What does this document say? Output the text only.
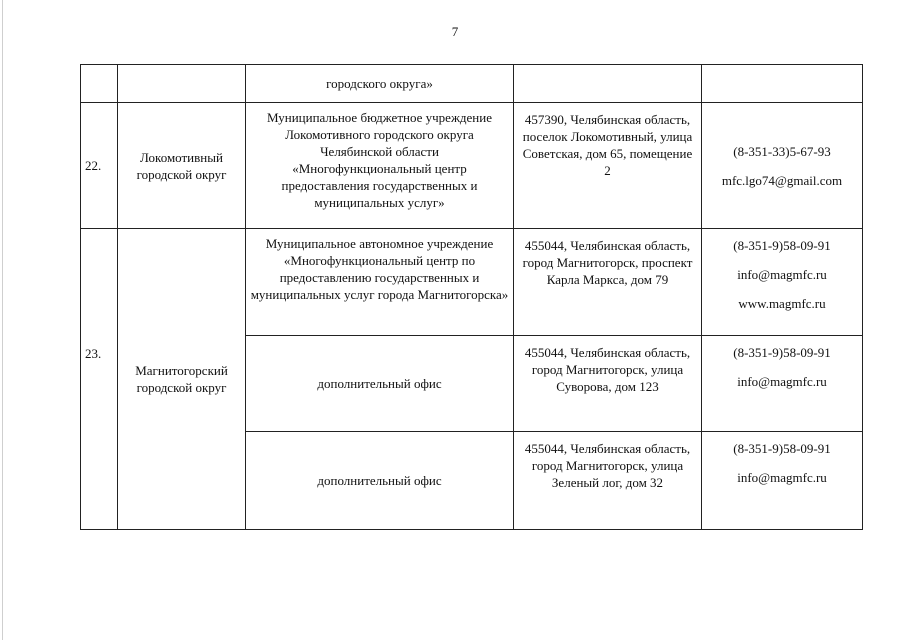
7
		городского округа»		
22.	Локомотивный городской округ	Муниципальное бюджетное учреждение Локомотивного городского округа Челябинской области «Многофункциональный центр предоставления государственных и муниципальных услуг»	457390, Челябинская область, поселок Локомотивный, улица Советская, дом 65, помещение 2	(8-351-33)5-67-93
mfc.lgo74@gmail.com

23.	Магнитогорский городской округ	Муниципальное автономное учреждение «Многофункциональный центр по предоставлению государственных и муниципальных услуг города Магнитогорска»	455044, Челябинская область, город Магнитогорск, проспект Карла Маркса, дом 79	(8-351-9)58-09-91
info@magmfc.ru
www.magmfc.ru

		дополнительный офис	455044, Челябинская область, город Магнитогорск, улица Суворова, дом 123	(8-351-9)58-09-91
info@magmfc.ru

		дополнительный офис	455044, Челябинская область, город Магнитогорск, улица Зеленый лог, дом 32	(8-351-9)58-09-91
info@magmfc.ru
